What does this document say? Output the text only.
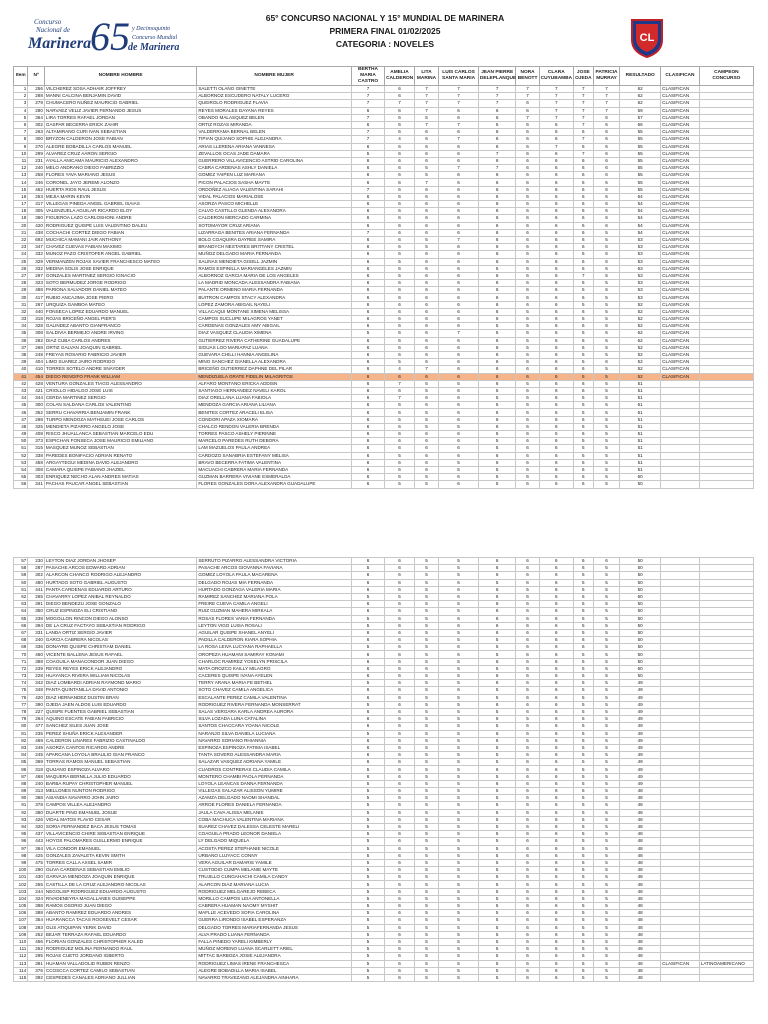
Concurso
Nacional de
Marinera
65 y Decimoquinto
Concurso Mundial
de Marinera
65° CONCURSO NACIONAL Y 15° MUNDIAL DE MARINERA
PRIMERA FINAL 01/02/2025
CATEGORIA : NOVELES	CL
Item	Nº	NOMBRE HOMBRE	NOMBRE MUJER	BERTHA MARIA CASTRO	AMELIA CALDERON	LITA MARINA	LUIS CARLOS SANTA MARIA	JEAN PIERRE DELEPLANQUE	NORA BENOTT	CLARA CUYUBAMBA	JOSE OJEDA	PATRICIA MURRAY	RESULTADO	CLASIFICAN	CAMPEON CONCURSO
1	256	VILCHEREZ SOSA ADHAIR JOFFREY	SALETTI OLANO GINETTE	7	6	7	7	7	7	7	7	7	62	CLASIFICAN	
2	288	MANNI CALCINA BENJAMIN DAVID	ALBORNOZ ESCUDERO NATALY LUCERO	7	6	7	7	7	7	7	7	7	62	CLASIFICAN	
3	279	CHUMACERO NUÑEZ MAURICIO GABRIEL	QUEIROLO RODRIGUEZ FLAVIA	7	7	7	7	7	6	7	7	7	62	CLASIFICAN	
4	280	NARVAEZ VELIZ JAVIER FERNANDO JESUS	REYES MORALES DAYANA REYES	6	6	7	6	6	6	7	7	7	59	CLASIFICAN	
5	364	LIRA TORRES RAFAEL JORDAN	OBANDO MALASQUEZ BELEN	7	6	5	6	6	7	7	7	6	57	CLASIFICAN	
6	302	GASPAR BECERRA ERICK ZAHIR	ORTIZ ROZAS MIRANDA	6	6	7	7	5	6	6	7	6	56	CLASIFICAN	
7	263	ALTAMIRANO CURI IVAN SEBASTIAN	VALDERRAMA BERNAL BELEN	7	6	6	6	6	6	6	6	6	55	CLASIFICAN	
8	300	BRYZON CALDERON JOSE FABIAN	TIPIAN QUIJANO SOPHIE ALEJANDRA	7	4	6	7	6	6	6	7	6	55	CLASIFICAN	
9	270	ALEGRE BOBADILLA CARLOS MANUEL	ARIAS LLERENA ARIANA VANNESA	6	6	6	6	6	6	7	6	6	55	CLASIFICAN	
10	299	ALVAREZ CRUZ AARON SERGIO	ZEVALLOS OCAS JADE DAMARA	5	6	6	6	7	6	6	7	6	55	CLASIFICAN	
11	231	AYALLA ANICAMA MAURICIO ALEXANDRO	GUERRERO VILLAVICENCIO ASTRID CAROLINA	6	6	6	6	6	6	6	6	6	55	CLASIFICAN	
12	240	MELO ANDRANO DIEGO FABRIZZIO	CABRA CARDENAS ASHLY DANIELA	6	6	5	7	7	6	6	6	6	55	CLASIFICAN	
13	258	FLORES YAVA MARIANO JESUS	GOMEZ YAIPEN LUZ MARIANA	6	6	5	6	6	6	6	6	6	55	CLASIFICAN	
14	246	CORONEL JAYO JEREMI ALONZO	PICON PALACIOS SASHA MAYTE	6	6	7	6	6	6	6	6	6	55	CLASIFICAN	
15	462	HUERTA RIOS RAUL JESUS	ORDOÑEZ ALIAGA VALENTINA SARAHI	7	6	6	6	6	6	6	6	6	55	CLASIFICAN	
16	253	MEJIA MARIN KEVIN	VIDAL PALACIOS MARIALOSE	6	6	6	6	6	6	6	6	6	54	CLASIFICAN	
17	317	VILLEGAS PINEDA ANGEL GABRIEL ISAIAS	ASORZA PASCO MICHELLE	6	6	6	6	6	6	6	6	6	54	CLASIFICAN	
18	305	VALENZUELA AGUILAR RICARDO ELOY	CALVO CASTILLO GLENDA ALEXANDRA	6	6	6	6	6	6	6	6	6	54	CLASIFICAN	
19	360	FIGUEROA LAZO CARLOSHONI ANDRE	CALDERON MERCADO CARMINA	6	6	6	6	6	6	6	6	6	54	CLASIFICAN	
20	420	RODRIGUEZ QUISPE LUIS VALENTINO DALEU	SOTOMAYOR CRUZ ARIANA	6	6	6	6	6	6	6	6	6	54	CLASIFICAN	
21	438	COCHACHI CORTEZ DIEGO FABIAN	LIZARRAGA BENITES ARIANA FERNANDA	7	6	6	6	6	6	6	6	5	54	CLASIFICAN	
22	692	MUCHICA MAMANI JAIR ANTHONY	BOLO COAQUIRA DAYREE SAMIRA	6	6	5	7	6	6	6	6	5	53	CLASIFICAN	
23	347	CHAVEZ CUEVAS FABIAN MAXIMO	BRANDYCH NESTARES BRITTANY CRISTEL	6	6	5	6	6	6	6	6	6	53	CLASIFICAN	
24	332	MUNOZ PAZO CRISTOFER ANGEL GABRIEL	MUÑOZ DELGADO MARIA FERNANDA	6	6	6	6	6	6	6	5	6	53	CLASIFICAN	
25	329	VERMANZEN ROJAS XAVIER FRANCHESCO MATEO	SALINAS MENDIETA GISELL JAZMIN	6	5	6	6	6	6	6	6	6	53	CLASIFICAN	
26	332	MEDINA SOLIS JOSE ENRIQUE	RAMOS ESPINILLA MARIANGELES JAZMIN	6	6	6	6	5	6	6	6	6	53	CLASIFICAN	
27	297	GONZALES MARTINEZ SERGIO IGNACIO	ALBORNOZ GARCIA MARIA DE LOS ANGELES	6	5	6	6	6	6	6	7	5	53	CLASIFICAN	
28	323	SOTO BERMUDEZ JORGE RODRIGO	LA MADRID MONCADA ALESSANDRA FABIANA	6	6	6	6	6	6	6	6	5	53	CLASIFICAN	
29	488	PARIONA SALVADOR DANIEL MATEO	PALANTE ORMENO MARIA FERNANDA	6	6	6	6	6	6	6	5	6	53	CLASIFICAN	
30	417	RUBIO ANCAJIMA JOSE PIERO	BUITRON CAMPOS STACY ALEXANDRA	6	6	6	6	6	6	6	6	5	53	CLASIFICAN	
31	267	URQUIZA GAMBOA MATEO	LOPEZ ZAMORA ABIGAIL NAYELI	6	6	6	6	6	6	6	5	5	52	CLASIFICAN	
32	440	FONSECA LOPEZ EDUARDO MANUEL	VILLACAQUI MONTANE XIMENA MELISSA	6	6	6	6	6	5	6	6	5	52	CLASIFICAN	
33	318	ROJAS BRICEÑO ANGEL PIER'S	CAMPOS SUCLUPE MILAGROS YANET	6	6	6	6	6	6	6	5	5	52	CLASIFICAN	
34	328	GALINDEZ ABANTO GIANFRANCO	CARDENAS GONZALES AMY ABIGAIL	6	6	6	6	5	5	6	6	6	52	CLASIFICAN	
35	308	SALDIVIA BERMEJO ANDRE IRVING	DIAZ VASQUEZ CLAUDIA XIMENA	5	6	6	7	5	6	6	5	6	52	CLASIFICAN	
36	282	DIAZ CUBA CARLOS ANDRES	GUTIERREZ RIVERA CATHERINE GUADALUPE	6	6	6	6	6	5	6	6	5	52	CLASIFICAN	
37	268	ORTIZ GALVAN JOAQUIN GABRIEL	SIGUAS LOO MARIAPAZ LUANA	6	6	6	6	6	5	6	6	5	52	CLASIFICAN	
38	248	FREYAS ROSARIO FABRICIO JAVIER	GUEVARA CHILLI HANNIA ANGELINA	6	6	6	6	6	6	6	5	5	52	CLASIFICAN	
39	404	LIMO SUAREZ JAIRO RODRIGO	MINO SANCHEZ GIANELLA ALEXANDRA	6	5	6	6	6	6	6	5	6	52	CLASIFICAN	
40	410	TORRES SOTELO ANDRE SNAYDER	BRICEÑO GUTIERREZ DAPHNE DEL PILAR	6	4	7	6	6	6	6	6	5	52	CLASIFICAN	
41	454	DIEGO RENGIFO FRANK WILLIAM	MENDIZUELA GRATE FIDELIN MILAGRITOS	6	6	6	6	6	6	6	5	5	52	CLASIFICAN	
42	428	VENTURA GONZALES TIAGO ALESSANDRO	ALFARO MONTANO ERICKA ADDISN	6	7	5	5	6	5	6	6	5	51		
43	421	CRIOLLO HIDALGO JOSE LUIS	SANTIAGO HERNANDEZ NAVELI KAROL	6	6	5	6	5	6	6	6	5	51		
44	344	CERDA MARTINEZ SERGIO	DIAZ ORELLANA LUANA FABIOLA	6	7	6	6	5	6	6	5	5	51		
45	300	COLAN SALDANA CARLOS VALENTINO	MENDOZA GARCIA ARIANA LILIANA	6	6	6	6	5	6	6	5	5	51		
46	352	SERRU CHAVARRIA BENJAMIN FRANK	BENITES CORTEZ ARACELI ELISA	6	6	5	6	6	6	6	5	5	51		
47	298	TURPO MENDOZA MATHSUEI JOSE CARLOS	CONDORI APAZA XIOMARA	6	5	5	6	6	6	6	6	5	51		
48	325	MENDIETA PIZARRO ANGELO JOSE	CHALCO RENDON VALERIA BRENDA	6	6	5	5	6	6	6	6	5	51		
49	408	RISCO JHUALLANCA SEBASTIAN MARCELO EDU	TORRES PASCO ASHELY PIERINNE	6	6	6	6	5	6	5	6	5	51		
50	373	ESPICHAN FONSECA JOSE MAURICIO EMILIANO	MARCELO PAREDES RUTH DEBORA	6	6	6	6	5	6	6	5	5	51		
51	315	MASQUEZ MUNOZ SEBASTIAN	LAM MAZUELOS PAULA ANDREA	6	6	6	6	5	6	6	5	5	51		
52	338	PAREDES BONIFACIO ADRIAN RENATO	CARDOZO SANABRIA ESTEFANY MELISA	6	5	6	6	6	6	6	5	5	51		
53	458	ARGAYTEGUI MEDINA DAVID ALEJANDRO	BRAVO BECERRA FATIMA VALENTINA	6	6	6	5	6	6	6	5	5	51		
54	308	CAMARA QUISPE FABIANO JHAZIEL	MACUACHI CABRERA MARIA FERNANDA	6	6	6	5	5	6	6	6	5	51		
55	303	ENRIQUEZ NECHO ALAN ANDRES MATIAS	GUZMAN BARRERA VIVIANE ESMERALDA	6	6	5	6	5	6	6	6	5	50		
56	341	PACHAS PAUCAR ANGEL SEBASTIAN	FLORES GONZALES DORA ALEXANDRA GUADALUPE	6	5	5	6	5	6	6	6	5	50		
57	230	LEYTON DIAZ JORDAN JHOSEP	SERRUTO PIZARRO ALESSANDRA VICTORIA	6	6	5	5	6	6	6	6	6	50		
58	287	PASACHE ARCOS EDWARD ADRIAN	PASACHE ARCOS GIOVANNA FAVIANA	5	6	5	5	6	6	6	6	5	50		
59	302	ALARCON CHANCO RODRIGO ALEJANDRO	GOMEZ LOYOLA PAULA MACARENA	6	6	5	5	6	6	6	5	5	50		
60	480	HURTADO SOTO GABRIEL AUGUSTO	DELGADO ROJAS MIA FERNANDA	6	6	5	6	5	6	6	5	5	50		
61	441	PANTA CARDENAS EDUARDO ARTURO	HURTADO GONZAGA VALERIA MARIA	6	6	5	6	6	5	6	5	5	50		
62	265	CHAVARRY LOPEZ ANIBAL REYNALDO	RAMIREZ SANCHEZ MARIANA POLA	5	5	5	6	6	6	6	6	5	50		
63	391	DIEGO BENDEZU JOSE GONZALO	FREIRE CUEVA CAMILA ANGELI	6	6	5	5	6	6	6	5	5	50		
64	350	CRUZ ESPINOZA ELI CRISTIANO	RUIZ GUZMAN MAHERA MIRKALA	6	6	5	5	6	6	6	5	5	50		
65	238	MOGOLLON RINCON DIEGO ALONSO	ROSAS FLORES VANIA FERNANDA	5	6	5	6	6	6	6	6	5	50		
66	394	DE LA CRUZ FACTAYO SEBASTIAN RODRIGO	LEYTON VIGO LUISA ROSALI	5	6	5	6	6	6	6	5	5	50		
67	331	LANDA ORTIZ SERGIO JAVIER	AGUILAR QUISPE SHANEL ANYELI	6	6	5	5	6	6	6	5	5	50		
68	240	GARCIA CABRERA NICOLAS	PADILLA CALDERON KIARA SOPHIA	6	6	5	5	5	6	6	6	5	50		
69	336	DONAYRE QUISPE CHRISTIAM DANIEL	LA ROSA LEIVA LUCYANA RAPHAELLA	5	6	5	6	5	6	6	6	5	50		
70	460	VICENTE BALLENA JESUS RAFAEL	OROPEZA HUAMANI SAMIRAY KONAMI	6	6	5	6	5	6	6	5	5	50		
71	388	COAGUILA MANACONDOR JUAN DIEGO	CHARLOC RAMIREZ YOSELYN PRISCILA	6	6	5	5	6	6	6	5	5	50		
72	239	REYES REYES ERICK ALEJANDRO	MATA OROZCO KAILLY MILAGRO	6	6	6	5	5	6	6	5	5	50		
73	228	HUAYANCA RIVERA WILLIAM NICOLAS	CACERES QUISPE IVANA AYELEN	6	6	5	5	6	6	6	5	5	50		
74	342	DIAZ LOMBARDI ADRIAN RAYMOND MARIO	TERRY ARANA MARIA FE BETHEL	5	6	5	5	6	6	6	5	5	49		
75	348	PANTA QUINTANILLA DAVID ANTONIO	SOTO CHAVEZ CAMILA ANGELICA	6	6	5	6	5	5	6	5	5	49		
76	420	DIAZ HERNANDEZ DUSTIN BRAN	ESCALANTE PEREZ CAMILA VALENTINA	6	6	5	5	5	6	6	5	5	49		
77	390	OJEDA JAEN ALDOS LUIS EDUARDO	RODRIGUEZ RIVERA FERNANDA MONSERRAT	5	6	5	5	6	6	6	5	5	49		
78	227	QUISPE FUENTES GABRIEL SEBASTIAN	SALAS VERGARA KARLA ANDREA AURORA	6	6	5	5	5	6	6	5	5	49		
79	264	AQUINO ESCATE FABIAN FABRICIO	SILVA LOZADA LUNA CATALINA	6	6	5	5	6	5	6	5	5	49		
80	477	SANCHEZ SILES JUAN JOSE	SANTOS CHACCARA YOANA NICOLE	6	6	5	5	5	6	6	5	5	49		
81	235	PEREZ SHUÑA ERICK ALEXANDER	NARANJO SILVA DANIELA LUCIANA	5	6	5	5	6	6	6	5	5	49		
82	469	CALDERON LINARES FABRIZIO CASTINALDO	NAVARRO SORIANO RHIANNIA	6	6	5	5	6	5	6	5	5	49		
83	249	ASORZA CANTOS RICARDO ANDRE	ESPINOZA ESPINOZA FATIMA ISABEL	6	6	5	5	5	6	6	5	5	49		
84	245	APARCANA LOYOLA BRAULIO GIAN FRANCO	TANTA SOVERO ALESSANDRA MARIA	6	6	5	5	5	6	6	5	5	49		
85	369	TORRAS RAMOS MANUEL SEBASTIAN	SALAZAR VASQUEZ ADRIANA YAMILE	6	6	5	5	5	6	6	5	5	49		
86	318	QUIJANO ESPINOZA ALVARO	CUADROS CONTRERAS CLAUDIA CAMILA	5	6	5	5	6	6	6	5	5	49		
87	468	MAQUERA BERNILLA JULIO EDUARDO	MONTERO CHAMBI PAOLA FERNANDA	6	6	5	5	5	6	6	5	5	49		
88	240	BARBA RUPAY CHRISTOPHER MANUEL	LOYOLA LEANCAS DANNA FERNANDA	5	6	5	5	6	6	6	5	5	49		
89	313	MELLONES NUNTON RODRIGO	VILLEGAS SALAZAR ALISSON YUMIRE	5	6	5	5	5	6	6	5	5	48		
90	368	ASIANDIA NAVARRO JOHN JAIRO	AZAMZA DELGADO NAOMI SHANDAL	5	6	5	5	5	6	6	5	5	48		
91	378	CAMPOS VILLEA ALEJANDRO	ARROE FLORES DANIELA FERNANDA	5	6	5	5	5	6	6	5	5	48		
92	380	DUARTE PINO EMANUEL JOSUE	JAULA CAVA ALISSA MELANIE	5	6	5	5	5	6	6	5	5	48		
93	426	VIDAL MATOS FLAVIO CESAR	COBA MACHUCA VALENTINA MARIANA	5	6	5	5	5	6	6	5	5	48		
94	320	SORIA FERNANDEZ BACA JESUS TOMAS	SUAREZ CHAVEZ DALESSA CELESTE MARELI	5	6	5	5	5	6	6	5	5	48		
95	437	VILLAVICENCIO CHIRE SEBASTIAN ENRIQUE	COAGUILA PRADO LEONOR DANIELA	5	6	5	5	5	6	6	5	5	48		
96	443	HOYOS PALOMARES GUILLERMO ENRIQUE	LY DELGADO MIQUELA	5	6	5	5	5	6	6	5	5	48		
97	364	VILA CONDOR EMANUEL	ACOSTA PEREZ STEPHANIE NICOLE	5	6	5	5	5	6	6	5	5	48		
98	425	GONZALES ZAVALETA KEVIN SMITH	URBANO LUJYACC CONNY	5	6	5	5	5	6	6	5	5	48		
99	475	TORRES CALLA AXSEL SAMIR	VERA AGUILAR DAMARIS YAMILE	5	6	5	5	5	6	6	5	5	48		
100	290	OLIVA CARDENAS SEBASTIAN EMILIO	CUSTODIO CUMPA MELANIE MAYTE	5	6	5	5	5	6	6	5	5	48		
101	430	GARVAJA MENDOZA JOAQUIN ENRIQUE	TRUJILLO CUNGAHACHI CAMILA CANDY	5	6	5	5	5	6	6	5	5	48		
102	255	CASTILLA DE LA CRUZ ALEJANDRO NICOLAS	ALARCON DIAZ MARIANA LUCIA	5	6	5	5	5	6	6	5	5	48		
103	244	NEGOLSIP RODRIGUEZ EDUARDO AUGUSTO	RODRIGUEZ MELGAREJO REBECA	5	6	5	5	5	6	6	5	5	48		
104	324	RIVADENEYRA MAGALLANES GUISEPPE	MORILLO CAMPOS LEIA ANTONELLA	5	6	5	5	5	6	6	5	5	48		
105	388	RAMOS OSORIO JUAN DIEGO	CABRERA HUAMAN NAOMY MYSHIT	5	6	5	5	5	6	6	5	5	48		
106	388	ABANTO RAMIREZ EDUARDO ANDRES	MAFLLE ACEVEDO SOFIA CAROLINA	5	6	5	5	5	6	6	5	5	48		
107	354	HUARANCCA TACAS ROOSEVELT CESAR	GUERRA LIRONDO ISABEL ESPERANZA	5	6	5	5	5	6	6	5	5	48		
108	293	OLIS ATIQUIPAN YERIK DAVID	DELGADO TORRES MARIAFERNANDA JESUS	5	6	5	5	5	6	6	5	5	48		
109	252	BEJAR TERRAZA RAFAEL EDUARDO	ALVA PRADO LUANA FERNANDA	5	6	5	5	5	6	6	5	5	48		
110	456	FLORIAN GONZALES CHRISTOPHER KALED	FALLA PINEDO YARELI KIMBERLY	5	6	5	5	5	6	6	5	5	48		
111	252	RODRIGUEZ MOLINA FERNANDO RAUL	MUÑOZ MORENO LUANA SCARLETT ARIEL	5	6	5	5	5	6	6	5	5	48		
112	295	ROJAS CUETO JORDANO IGBERTO	MITTAC BARBOZA JOSIE ALEJANDRA	5	6	5	5	5	6	6	5	5	48		
113	381	HUAMAN VALLADOLID RUBEN RENZO	RODRIGUEZ LIMAS IRENE FRANCHESCA	5	6	5	5	5	6	6	5	5	48	CLASIFICAN	LATINOAMERICANO
114	376	CCOSCCA CORTEZ CAMILO SEBASTIAN	ALEGRE BOBADILLA MARIA ISABEL	5	6	5	5	5	6	6	5	5	48		
115	392	CESPEDES CANALES ADRIANO JULLIAN	NAVARRO TRAVEZANO ALEJANDRA AINHARA	5	6	5	5	5	6	6	5	5	48		
